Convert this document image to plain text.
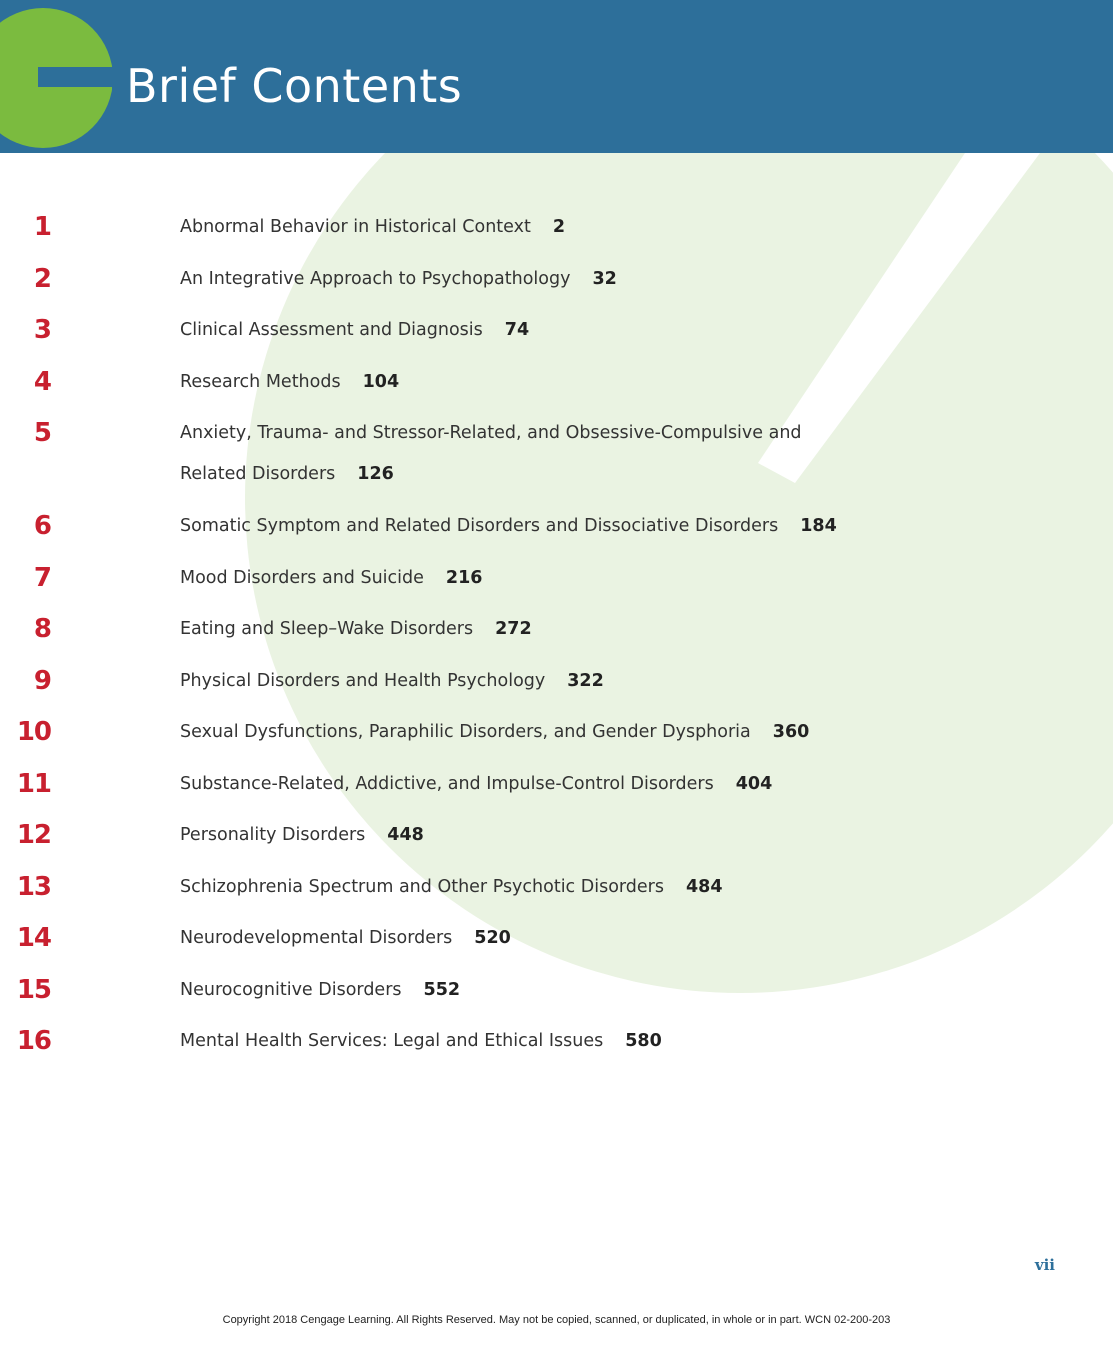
Brief Contents
1	Abnormal Behavior in Historical Context 2
2	An Integrative Approach to Psychopathology 32
3	Clinical Assessment and Diagnosis 74
4	Research Methods 104
5	Anxiety, Trauma- and Stressor-Related, and Obsessive-Compulsive and
Related Disorders 126
6	Somatic Symptom and Related Disorders and Dissociative Disorders 184
7	Mood Disorders and Suicide 216
8	Eating and Sleep–Wake Disorders 272
9	Physical Disorders and Health Psychology 322
10	Sexual Dysfunctions, Paraphilic Disorders, and Gender Dysphoria 360
11	Substance-Related, Addictive, and Impulse-Control Disorders 404
12	Personality Disorders 448
13	Schizophrenia Spectrum and Other Psychotic Disorders 484
14	Neurodevelopmental Disorders 520
15	Neurocognitive Disorders 552
16	Mental Health Services: Legal and Ethical Issues 580
vii
Copyright 2018 Cengage Learning. All Rights Reserved. May not be copied, scanned, or duplicated, in whole or in part. WCN 02-200-203
